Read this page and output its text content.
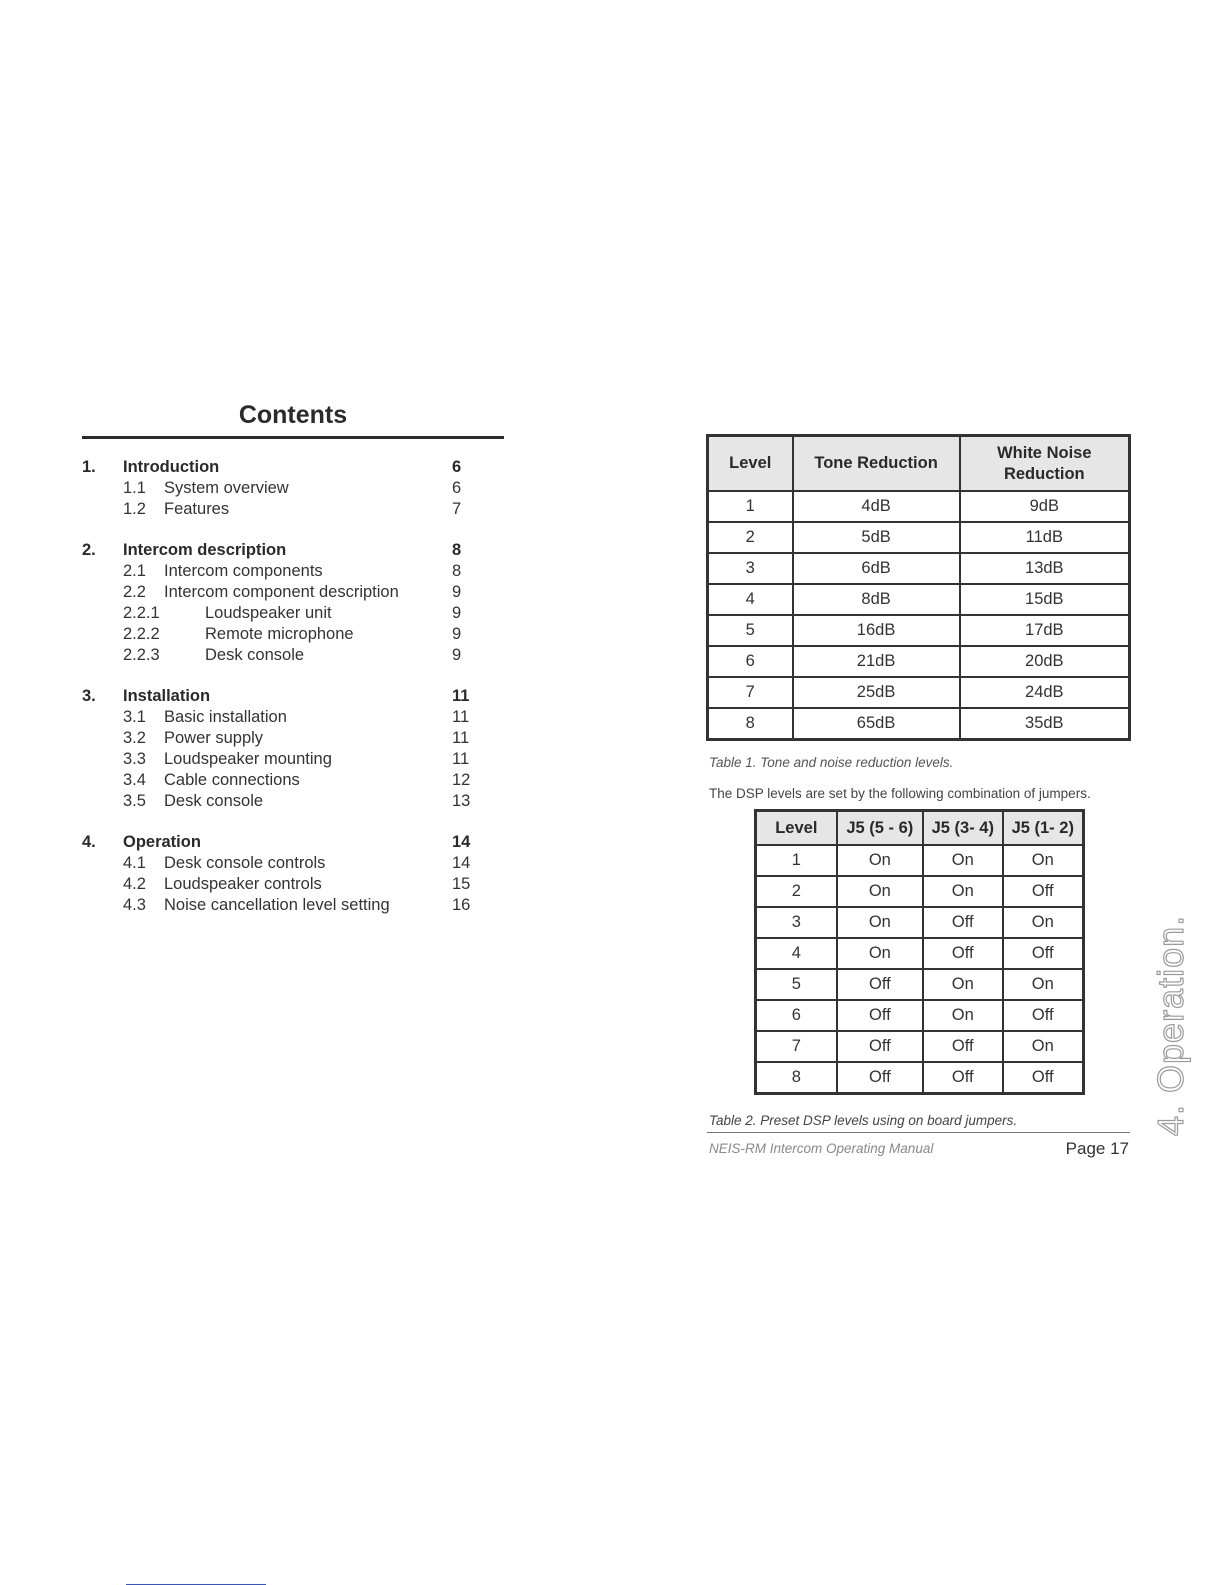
Contents
1. Introduction	6
1.1 System overview	6
1.2 Features	7
2. Intercom description	8
2.1 Intercom components	8
2.2 Intercom component description	9
2.2.1	Loudspeaker unit	9
2.2.2	Remote microphone	9
2.2.3	Desk console	9
3. Installation	11
3.1 Basic installation	11
3.2 Power supply	11
3.3 Loudspeaker mounting	11
3.4 Cable connections	12
3.5 Desk console	13
4. Operation	14
4.1 Desk console controls	14
4.2 Loudspeaker controls	15
4.3 Noise cancellation level setting	16
Level	Tone Reduction	White Noise Reduction
1	4dB	9dB
2	5dB	11dB
3	6dB	13dB
4	8dB	15dB
5	16dB	17dB
6	21dB	20dB
7	25dB	24dB
8	65dB	35dB
Table 1. Tone and noise reduction levels.
The DSP levels are set by the following combination of jumpers.
Level	J5 (5 - 6)	J5 (3- 4)	J5 (1- 2)
1	On	On	On
2	On	On	Off
3	On	Off	On
4	On	Off	Off
5	Off	On	On
6	Off	On	Off
7	Off	Off	On
8	Off	Off	Off
Table 2. Preset DSP levels using on board jumpers.
NEIS-RM Intercom Operating Manual	Page 17
4. Operation.
